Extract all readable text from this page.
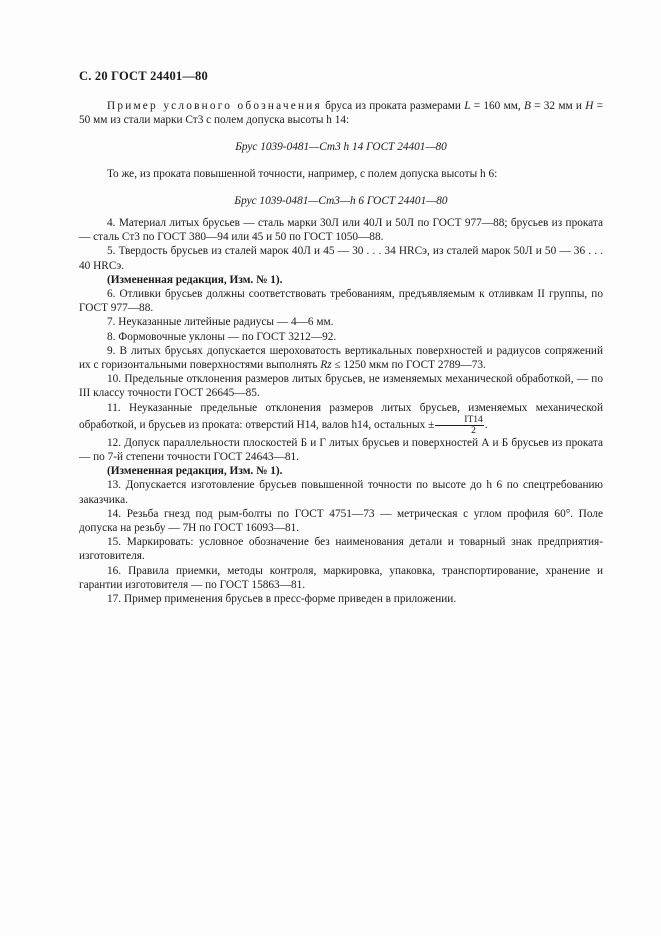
С. 20 ГОСТ 24401—80

Пример условного обозначения бруса из проката размерами L = 160 мм, B = 32 мм и H = 50 мм из стали марки Ст3 с полем допуска высоты h 14:

Брус 1039-0481—Ст3 h 14 ГОСТ 24401—80

То же, из проката повышенной точности, например, с полем допуска высоты h 6:

Брус 1039-0481—Ст3—h 6 ГОСТ 24401—80

4. Материал литых брусьев — сталь марки 30Л или 40Л и 50Л по ГОСТ 977—88; брусьев из проката — сталь Ст3 по ГОСТ 380—94 или 45 и 50 по ГОСТ 1050—88.

5. Твердость брусьев из сталей марок 40Л и 45 — 30 . . . 34 HRCэ, из сталей марок 50Л и 50 — 36 . . . 40 HRCэ.

(Измененная редакция, Изм. № 1).

6. Отливки брусьев должны соответствовать требованиям, предъявляемым к отливкам II группы, по ГОСТ 977—88.

7. Неуказанные литейные радиусы — 4—6 мм.

8. Формовочные уклоны — по ГОСТ 3212—92.

9. В литых брусьях допускается шероховатость вертикальных поверхностей и радиусов сопряжений их с горизонтальными поверхностями выполнять Rz ≤ 1250 мкм по ГОСТ 2789—73.

10. Предельные отклонения размеров литых брусьев, не изменяемых механической обработкой, — по III классу точности ГОСТ 26645—85.

11. Неуказанные предельные отклонения размеров литых брусьев, изменяемых механической обработкой, и брусьев из проката: отверстий H14, валов h14, остальных ± $\frac{IT14}{2}$ .

12. Допуск параллельности плоскостей Б и Г литых брусьев и поверхностей А и Б брусьев из проката — по 7-й степени точности ГОСТ 24643—81.

(Измененная редакция, Изм. № 1).

13. Допускается изготовление брусьев повышенной точности по высоте до h 6 по спецтребованию заказчика.

14. Резьба гнезд под рым-болты по ГОСТ 4751—73 — метрическая с углом профиля 60°. Поле допуска на резьбу — 7H по ГОСТ 16093—81.

15. Маркировать: условное обозначение без наименования детали и товарный знак предприятия-изготовителя.

16. Правила приемки, методы контроля, маркировка, упаковка, транспортирование, хранение и гарантии изготовителя — по ГОСТ 15863—81.

17. Пример применения брусьев в пресс-форме приведен в приложении.
